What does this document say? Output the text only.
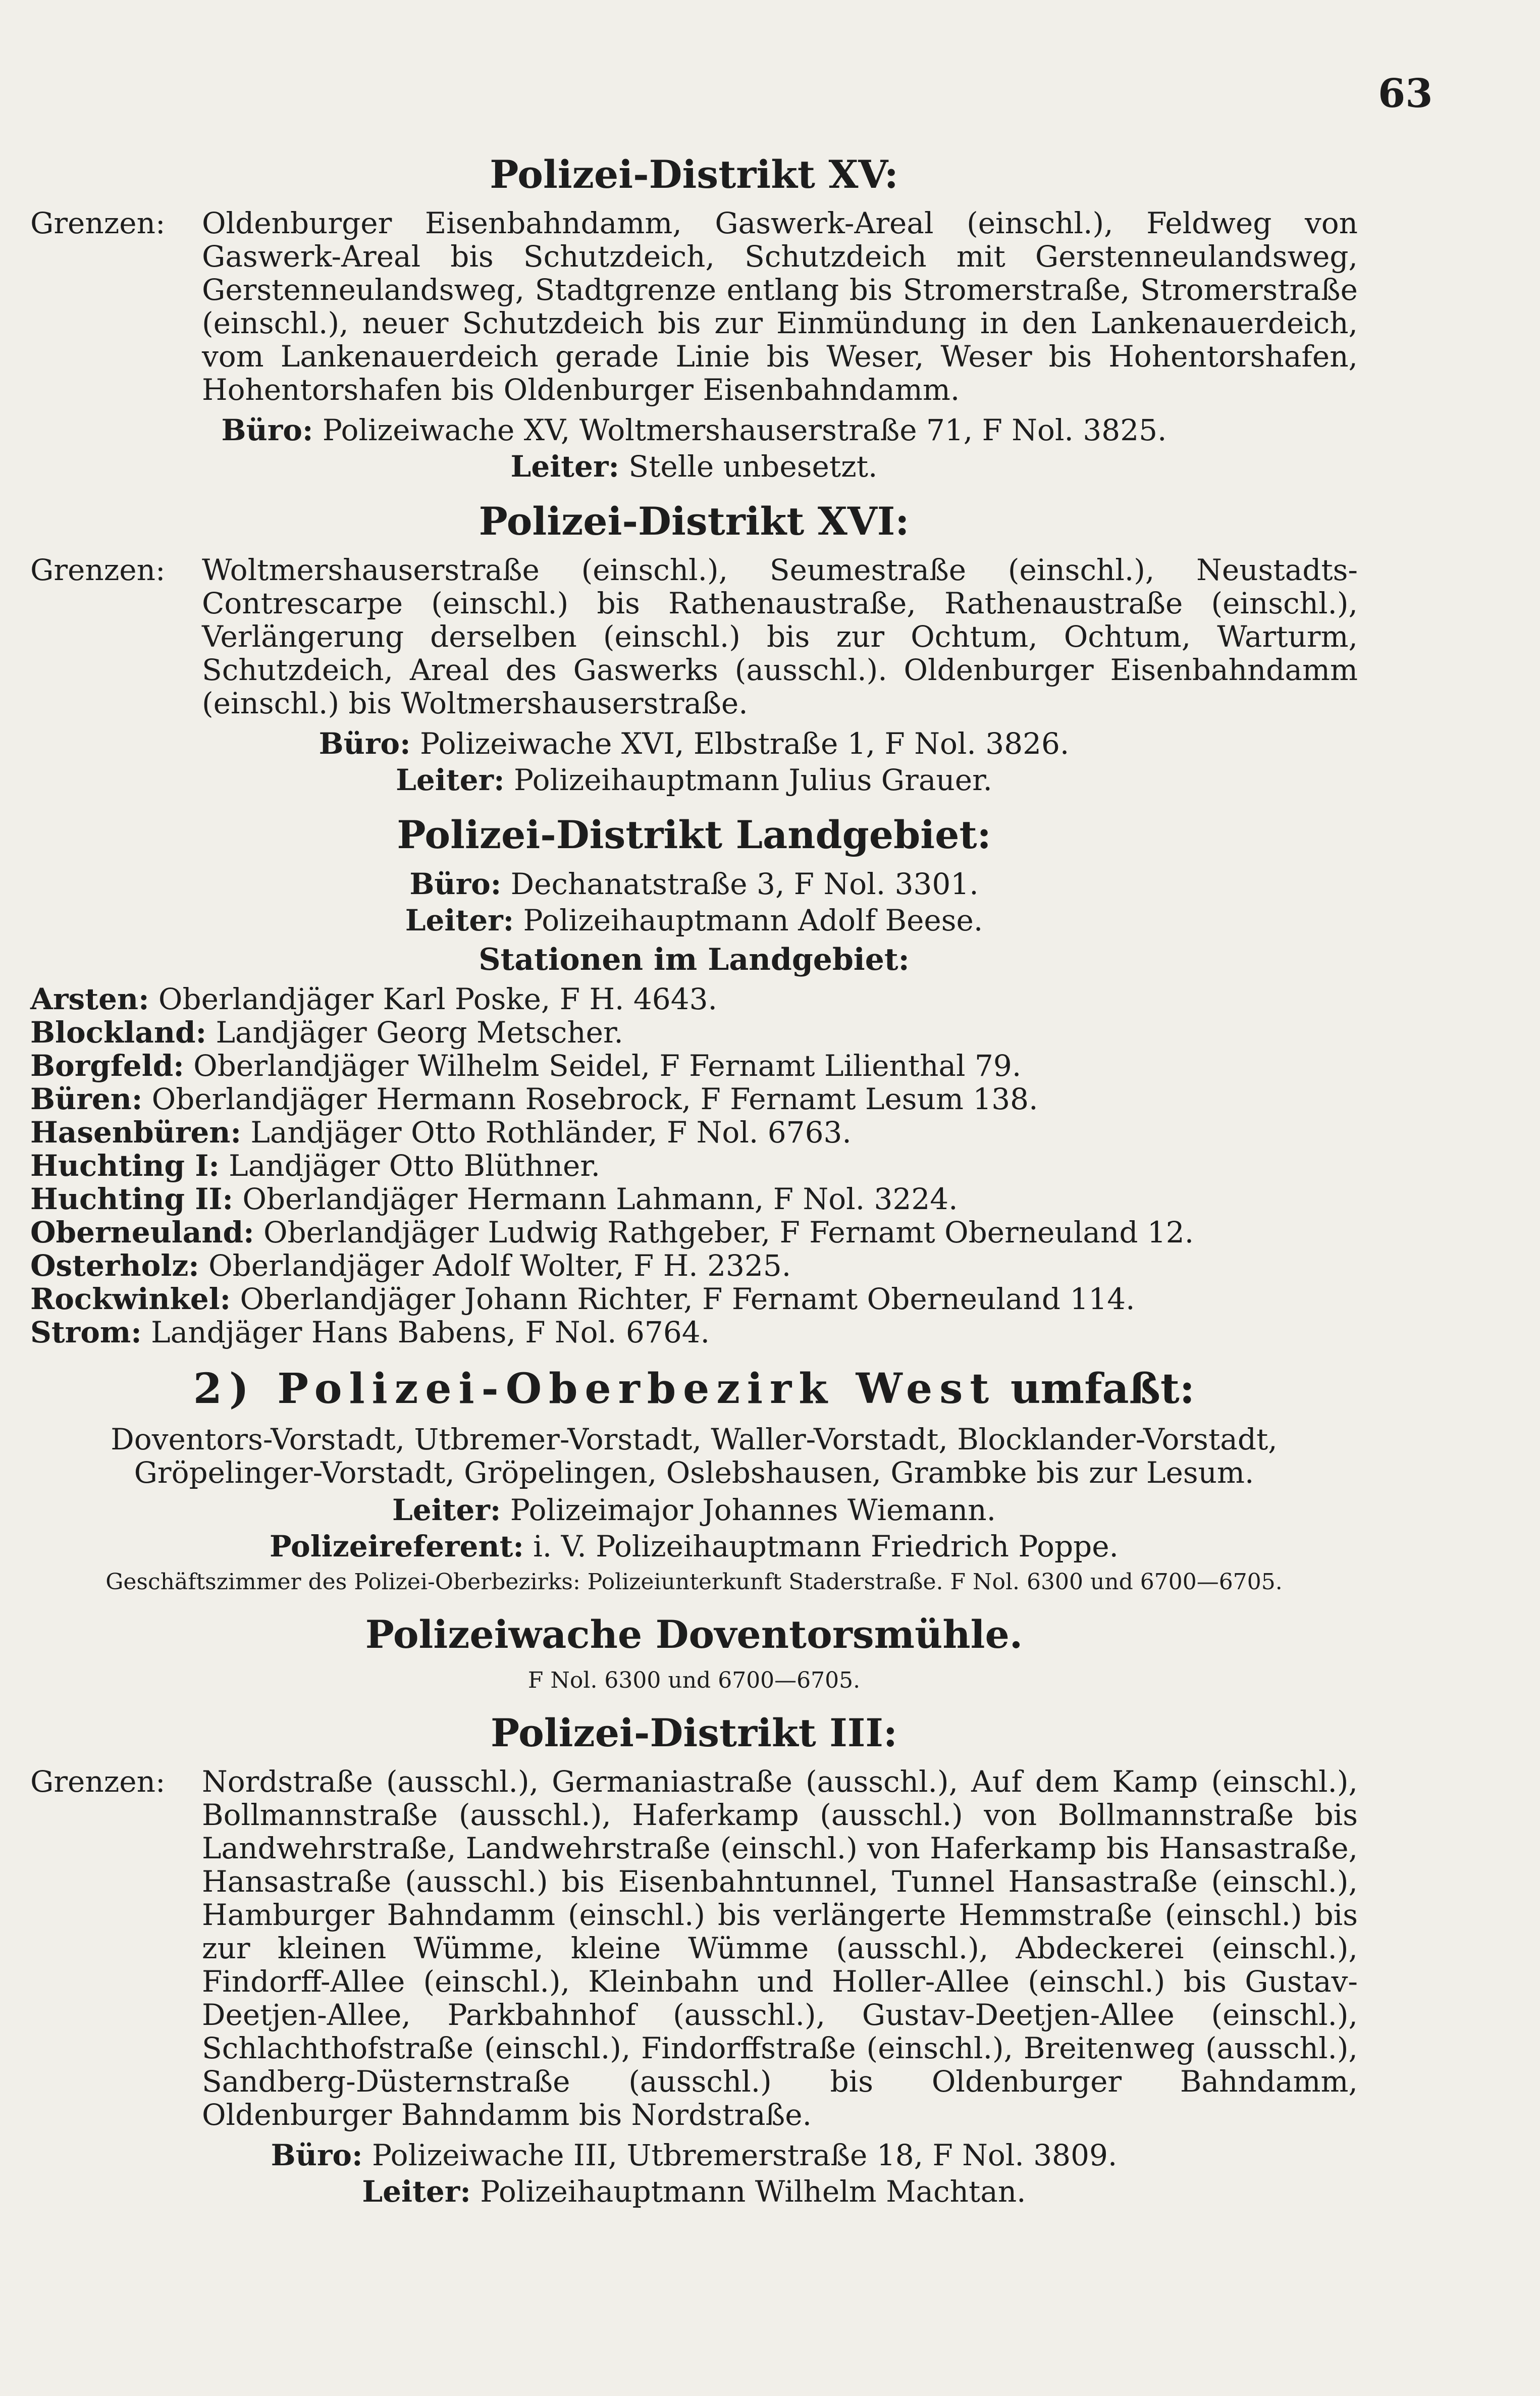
63
Polizei-Distrikt XV:
Grenzen:	Oldenburger Eisenbahndamm, Gaswerk-Areal (einschl.), Feldweg von Gaswerk-Areal bis Schutzdeich, Schutzdeich mit Gerstenneulandsweg, Gerstenneulandsweg, Stadtgrenze entlang bis Stromerstraße, Stromerstraße (einschl.), neuer Schutzdeich bis zur Einmündung in den Lankenauerdeich, vom Lankenauerdeich gerade Linie bis Weser, Weser bis Hohentorshafen, Hohentorshafen bis Oldenburger Eisenbahndamm.
Büro: Polizeiwache XV, Woltmershauserstraße 71, F Nol. 3825.
Leiter: Stelle unbesetzt.
Polizei-Distrikt XVI:
Grenzen:	Woltmershauserstraße (einschl.), Seumestraße (einschl.), Neustadts-Contrescarpe (einschl.) bis Rathenaustraße, Rathenaustraße (einschl.), Verlängerung derselben (einschl.) bis zur Ochtum, Ochtum, Warturm, Schutzdeich, Areal des Gaswerks (ausschl.). Oldenburger Eisenbahndamm (einschl.) bis Woltmershauserstraße.
Büro: Polizeiwache XVI, Elbstraße 1, F Nol. 3826.
Leiter: Polizeihauptmann Julius Grauer.
Polizei-Distrikt Landgebiet:
Büro: Dechanatstraße 3, F Nol. 3301.
Leiter: Polizeihauptmann Adolf Beese.
Stationen im Landgebiet:
Arsten: Oberlandjäger Karl Poske, F H. 4643.
Blockland: Landjäger Georg Metscher.
Borgfeld: Oberlandjäger Wilhelm Seidel, F Fernamt Lilienthal 79.
Büren: Oberlandjäger Hermann Rosebrock, F Fernamt Lesum 138.
Hasenbüren: Landjäger Otto Rothländer, F Nol. 6763.
Huchting I: Landjäger Otto Blüthner.
Huchting II: Oberlandjäger Hermann Lahmann, F Nol. 3224.
Oberneuland: Oberlandjäger Ludwig Rathgeber, F Fernamt Oberneuland 12.
Osterholz: Oberlandjäger Adolf Wolter, F H. 2325.
Rockwinkel: Oberlandjäger Johann Richter, F Fernamt Oberneuland 114.
Strom: Landjäger Hans Babens, F Nol. 6764.
2) Polizei-Oberbezirk West umfaßt:
Doventors-Vorstadt, Utbremer-Vorstadt, Waller-Vorstadt, Blocklander-Vorstadt, Gröpelinger-Vorstadt, Gröpelingen, Oslebshausen, Grambke bis zur Lesum.
Leiter: Polizeimajor Johannes Wiemann.
Polizeireferent: i. V. Polizeihauptmann Friedrich Poppe.
Geschäftszimmer des Polizei-Oberbezirks: Polizeiunterkunft Staderstraße. F Nol. 6300 und 6700—6705.
Polizeiwache Doventorsmühle.
F Nol. 6300 und 6700—6705.
Polizei-Distrikt III:
Grenzen:	Nordstraße (ausschl.), Germaniastraße (ausschl.), Auf dem Kamp (einschl.), Bollmannstraße (ausschl.), Haferkamp (ausschl.) von Bollmannstraße bis Landwehrstraße, Landwehrstraße (einschl.) von Haferkamp bis Hansastraße, Hansastraße (ausschl.) bis Eisenbahntunnel, Tunnel Hansastraße (einschl.), Hamburger Bahndamm (einschl.) bis verlängerte Hemmstraße (einschl.) bis zur kleinen Wümme, kleine Wümme (ausschl.), Abdeckerei (einschl.), Findorff-Allee (einschl.), Kleinbahn und Holler-Allee (einschl.) bis Gustav-Deetjen-Allee, Parkbahnhof (ausschl.), Gustav-Deetjen-Allee (einschl.), Schlachthofstraße (einschl.), Findorffstraße (einschl.), Breitenweg (ausschl.), Sandberg-Düsternstraße (ausschl.) bis Oldenburger Bahndamm, Oldenburger Bahndamm bis Nordstraße.
Büro: Polizeiwache III, Utbremerstraße 18, F Nol. 3809.
Leiter: Polizeihauptmann Wilhelm Machtan.
